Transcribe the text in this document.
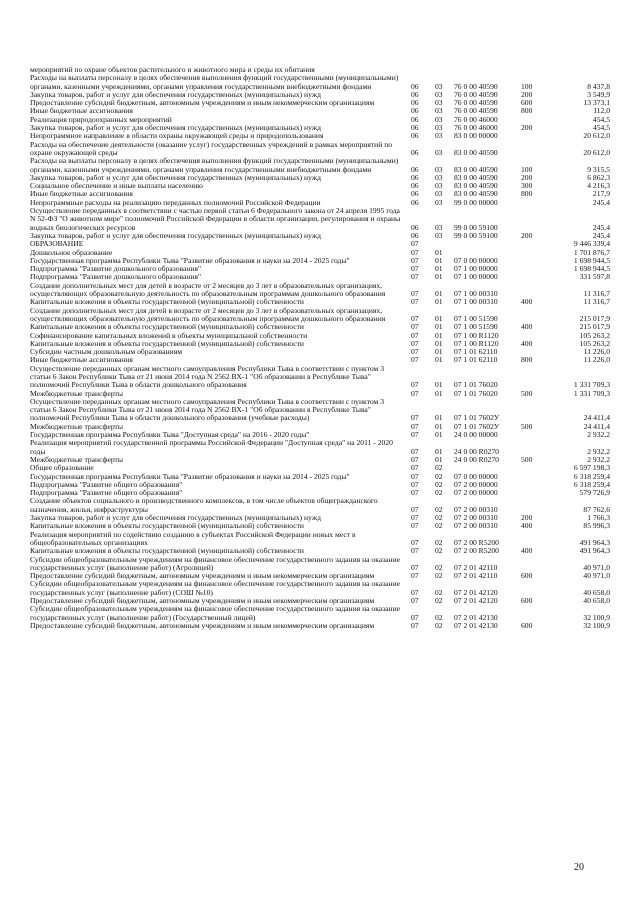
мероприятий по охране объектов растительного и животного мира и среды их обитания
Расходы на выплаты персоналу в целях обеспечения выполнения функций государственными (муниципальными) органами, казенными учреждениями, органами управления государственными внебюджетными фондами	06 03 76 0 00 40590	100	8 437,8
Закупка товаров, работ и услуг для обеспечения государственных (муниципальных) нужд	06 03 76 0 00 40590	200	3 549,9
Предоставление субсидий бюджетным, автономным учреждениям и иным некоммерческим организациям	06 03 76 0 00 40590	600	13 373,1
Иные бюджетные ассигнования	06 03 76 0 00 40590	800	112,0
Реализация природоохранных мероприятий	06 03 76 0 00 46000	454,5
Закупка товаров, работ и услуг для обеспечения государственных (муниципальных) нужд	06 03 76 0 00 46000	200	454,5
Непрограммное направление в области охраны окружающей среды и природопользования	06 03 83 0 00 00000	20 612,0
Расходы на обеспечение деятельности (оказание услуг) государственных учреждений в рамках мероприятий по охране окружающей среды	06 03 83 0 00 40590	20 612,0
Расходы на выплаты персоналу в целях обеспечения выполнения функций государственными (муниципальными) органами, казенными учреждениями, органами управления государственными внебюджетными фондами	06 03 83 0 00 40590	100	9 315,5
Закупка товаров, работ и услуг для обеспечения государственных (муниципальных) нужд	06 03 83 0 00 40590	200	6 862,3
Социальное обеспечение и иные выплаты населению	06 03 83 0 00 40590	300	4 216,3
Иные бюджетные ассигнования	06 03 83 0 00 40590	800	217,9
Непрограммные расходы на реализацию переданных полномочий Российской Федерации	06 03 99 0 00 00000	245,4
Осуществление переданных в соответствии с частью первой статьи 6 Федерального закона от 24 апреля 1995 года N 52-ФЗ "О животном мире" полномочий Российской Федерации в области организации, регулирования и охраны водных биологических ресурсов	06 03 99 0 00 59100	245,4
Закупка товаров, работ и услуг для обеспечения государственных (муниципальных) нужд	06 03 99 0 00 59100	200	245,4
ОБРАЗОВАНИЕ	07	9 446 339,4
Дошкольное образование	07 01	1 701 876,7
Государственная программа Республики Тыва "Развитие образования и науки на 2014 - 2025 годы"	07 01 07 0 00 00000	1 698 944,5
Подпрограмма "Развитие дошкольного образования"	07 01 07 1 00 00000	1 698 944,5
Подпрограмма "Развитие дошкольного образования"	07 01 07 1 00 00000	331 597,8
Создание дополнительных мест для детей в возрасте от 2 месяцев до 3 лет в образовательных организациях, осуществляющих образовательную деятельность по образовательным программам дошкольного образования	07 01 07 1 00 00310	11 316,7
Капитальные вложения в объекты государственной (муниципальной) собственности	07 01 07 1 00 00310	400	11 316,7
Создание дополнительных мест для детей в возрасте от 2 месяцев до 3 лет в образовательных организациях, осуществляющих образовательную деятельность по образовательным программам дошкольного образования	07 01 07 1 00 51590	215 017,9
Капитальные вложения в объекты государственной (муниципальной) собственности	07 01 07 1 00 51590	400	215 017,9
Софинансирование капитальных вложений в объекты муниципальной собственности	07 01 07 1 00 R1120	105 263,2
Капитальные вложения в объекты государственной (муниципальной) собственности	07 01 07 1 00 R1120	400	105 263,2
Субсидии частным дошкольным образованиям	07 01 07 1 01 62110	11 226,0
Иные бюджетные ассигнования	07 01 07 1 01 62110	800	11 226,0
Осуществление переданных органам местного самоуправления Республики Тыва в соответствии с пунктом 3 статьи 6 Закон Республики Тыва от 21 июня 2014 года N 2562 ВХ-1 "Об образовании в Республике Тыва" полномочий Республики Тыва в области дошкольного образования	07 01 07 1 01 76020	1 331 709,3
Межбюджетные трансферты	07 01 07 1 01 76020	500	1 331 709,3
Осуществление переданных органам местного самоуправления Республики Тыва в соответствии с пунктом 3 статьи 6 Закон Республики Тыва от 21 июня 2014 года N 2562 ВХ-1 "Об образовании в Республике Тыва" полномочий Республики Тыва в области дошкольного образования (учебные расходы)	07 01 07 1 01 7602У	24 411,4
Межбюджетные трансферты	07 01 07 1 01 7602У	500	24 411,4
Государственная программа Республики Тыва "Доступная среда" на 2016 - 2020 годы"	07 01 24 0 00 00000	2 932,2
Реализация мероприятий государственной программы Российской Федерации "Доступная среда" на 2011 - 2020 годы	07 01 24 0 00 R0270	2 932,2
Межбюджетные трансферты	07 01 24 0 00 R0270	500	2 932,2
Общее образование	07 02	6 597 198,3
Государственная программа Республики Тыва "Развитие образования и науки на 2014 - 2025 годы"	07 02 07 0 00 00000	6 318 259,4
Подпрограмма "Развитие общего образования"	07 02 07 2 00 00000	6 318 259,4
Подпрограмма "Развитие общего образования"	07 02 07 2 00 00000	579 726,9
Создание объектов социального и производственного комплексов, в том числе объектов общегражданского назначения, жилья, инфраструктуры	07 02 07 2 00 00310	87 762,6
Закупка товаров, работ и услуг для обеспечения государственных (муниципальных) нужд	07 02 07 2 00 00310	200	1 766,3
Капитальные вложения в объекты государственной (муниципальной) собственности	07 02 07 2 00 00310	400	85 996,3
Реализация мероприятий по содействию созданию в субъектах Российской Федерации новых мест в общеобразовательных организациях	07 02 07 2 00 R5200	491 964,3
Капитальные вложения в объекты государственной (муниципальной) собственности	07 02 07 2 00 R5200	400	491 964,3
Субсидии общеобразовательным учреждениям на финансовое обеспечение государственного задания на оказание государственных услуг (выполнение работ) (Агролицей)	07 02 07 2 01 42110	40 971,0
Предоставление субсидий бюджетным, автономным учреждениям и иным некоммерческим организациям	07 02 07 2 01 42110	600	40 971,0
Субсидии общеобразовательным учреждениям на финансовое обеспечение государственного задания на оказание государственных услуг (выполнение работ) (СОШ №10)	07 02 07 2 01 42120	40 658,0
Предоставление субсидий бюджетным, автономным учреждениям и иным некоммерческим организациям	07 02 07 2 01 42120	600	40 658,0
Субсидии общеобразовательным учреждениям на финансовое обеспечение государственного задания на оказание государственных услуг (выполнение работ) (Государственный лицей)	07 02 07 2 01 42130	32 100,9
Предоставление субсидий бюджетным, автономным учреждениям и иным некоммерческим организациям	07 02 07 2 01 42130	600	32 100,9
20
